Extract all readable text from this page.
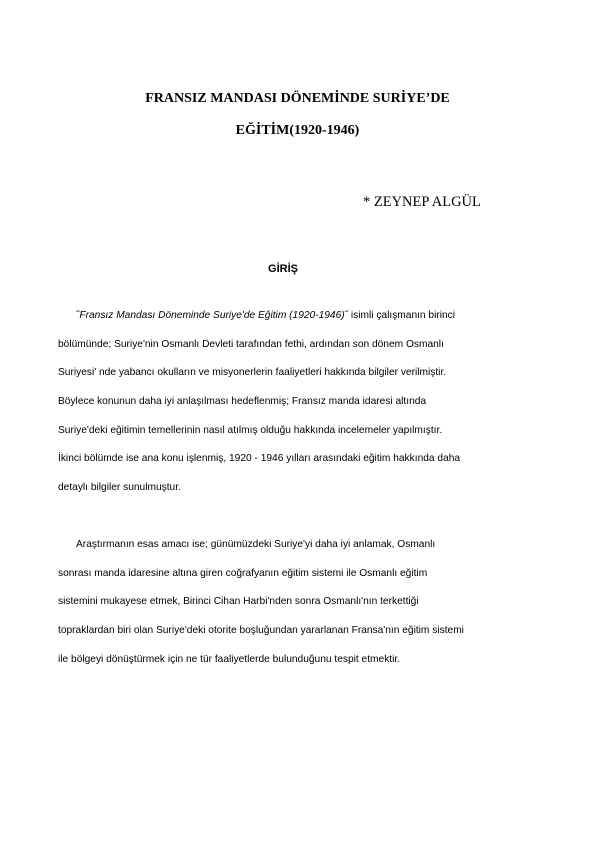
FRANSIZ MANDASI DÖNEMİNDE SURİYE’DE
EĞİTİM(1920-1946)
* ZEYNEP ALGÜL
GİRİŞ
˝Fransız Mandası Döneminde Suriye'de Eğitim (1920-1946)˝ isimli çalışmanın birinci
bölümünde; Suriye'nin Osmanlı Devleti tarafından fethi, ardından son dönem Osmanlı
Suriyesi' nde yabancı okulların ve misyonerlerin faaliyetleri hakkında bilgiler verilmiştir.
Böylece konunun daha iyi anlaşılması hedeflenmiş; Fransız manda idaresi altında
Suriye'deki eğitimin temellerinin nasıl atılmış olduğu hakkında incelemeler yapılmıştır.
İkinci bölümde ise ana konu işlenmiş, 1920 - 1946 yılları arasındaki eğitim hakkında daha
detaylı bilgiler sunulmuştur.
Araştırmanın esas amacı ise; günümüzdeki Suriye'yi daha iyi anlamak, Osmanlı
sonrası manda idaresine altına giren coğrafyanın eğitim sistemi ile Osmanlı eğitim
sistemini mukayese etmek, Birinci Cihan Harbi'nden sonra Osmanlı'nın terkettiği
topraklardan biri olan Suriye'deki otorite boşluğundan yararlanan Fransa'nın eğitim sistemi
ile bölgeyi dönüştürmek için ne tür faaliyetlerde bulunduğunu tespit etmektir.
